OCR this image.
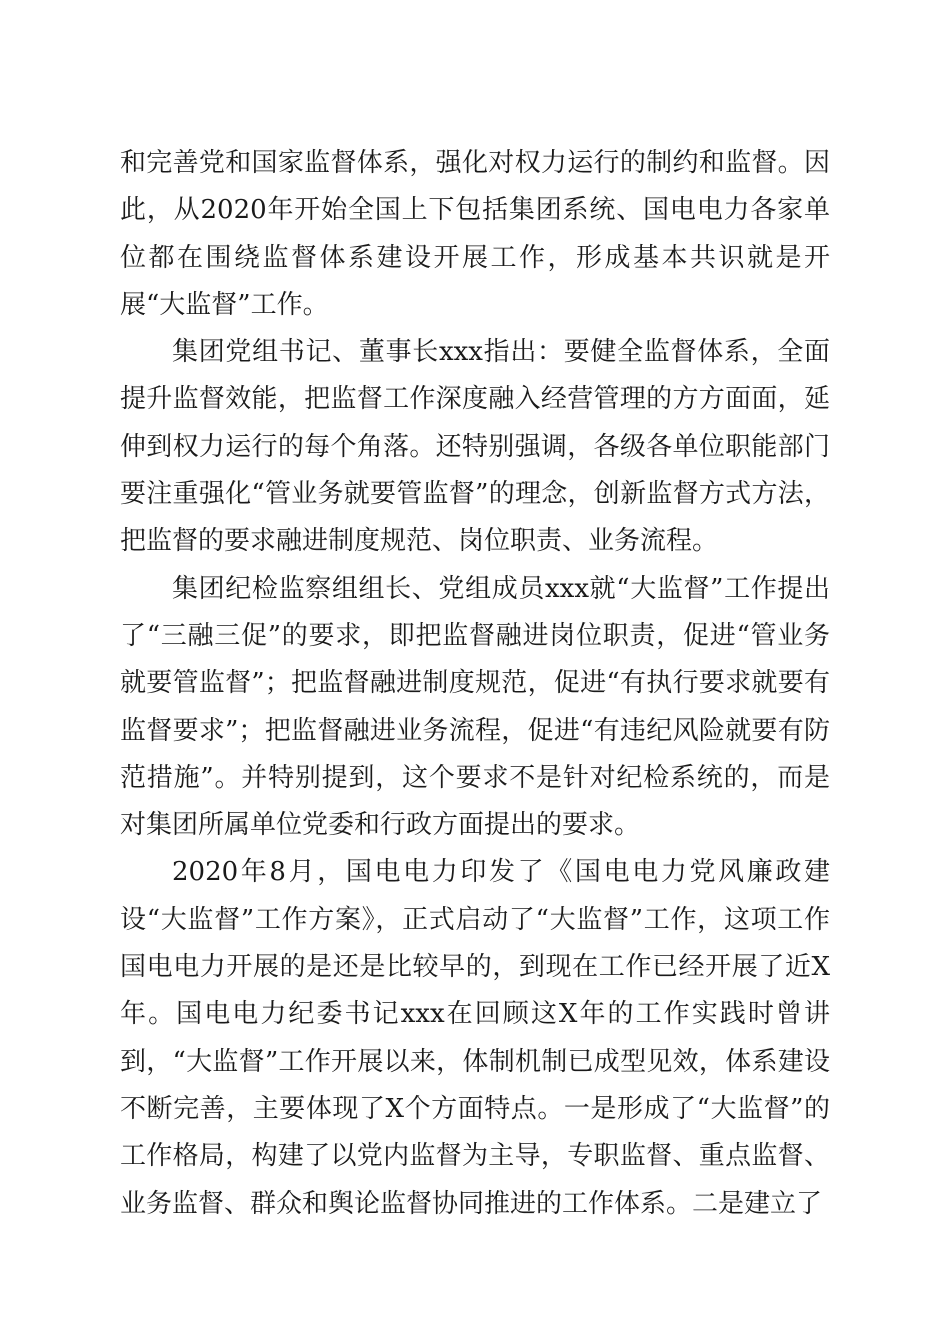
和完善党和国家监督体系，强化对权力运行的制约和监督。因此，从2020年开始全国上下包括集团系统、国电电力各家单位都在围绕监督体系建设开展工作，形成基本共识就是开展“大监督”工作。

集团党组书记、董事长xxx指出：要健全监督体系，全面提升监督效能，把监督工作深度融入经营管理的方方面面，延伸到权力运行的每个角落。还特别强调，各级各单位职能部门要注重强化“管业务就要管监督”的理念，创新监督方式方法，把监督的要求融进制度规范、岗位职责、业务流程。

集团纪检监察组组长、党组成员xxx就“大监督”工作提出了“三融三促”的要求，即把监督融进岗位职责，促进“管业务就要管监督”；把监督融进制度规范，促进“有执行要求就要有监督要求”；把监督融进业务流程，促进“有违纪风险就要有防范措施”。并特别提到，这个要求不是针对纪检系统的，而是对集团所属单位党委和行政方面提出的要求。

2020年8月，国电电力印发了《国电电力党风廉政建设“大监督”工作方案》，正式启动了“大监督”工作，这项工作国电电力开展的是还是比较早的，到现在工作已经开展了近X年。国电电力纪委书记xxx在回顾这X年的工作实践时曾讲到，“大监督”工作开展以来，体制机制已成型见效，体系建设不断完善，主要体现了X个方面特点。一是形成了“大监督”的工作格局，构建了以党内监督为主导，专职监督、重点监督、业务监督、群众和舆论监督协同推进的工作体系。二是建立了
